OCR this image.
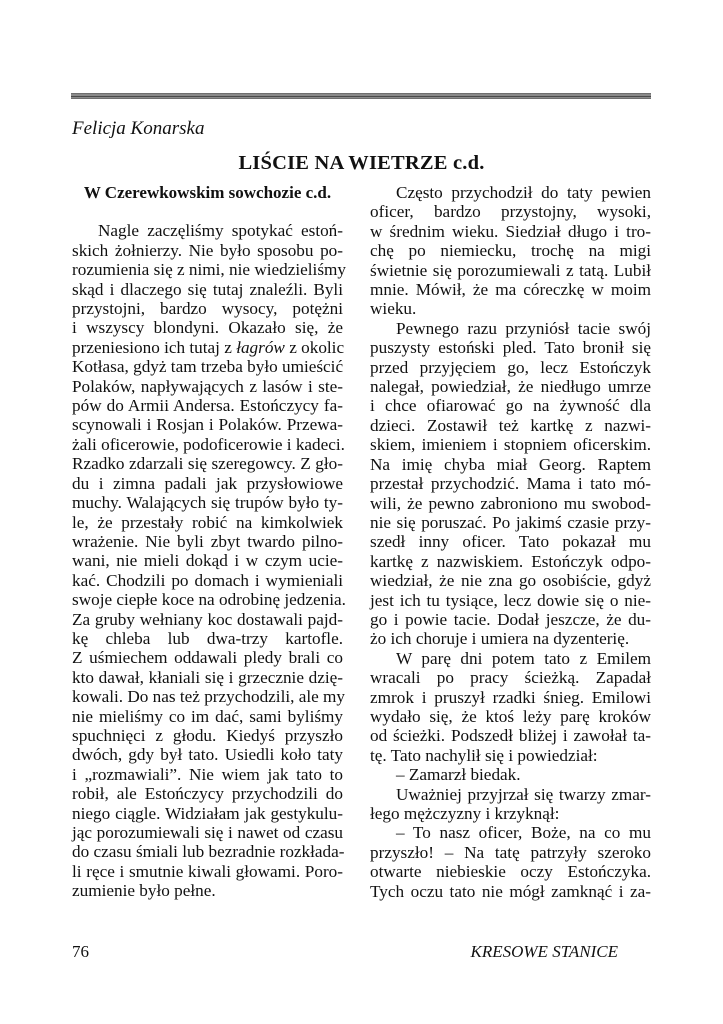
Felicja Konarska
LIŚCIE NA WIETRZE c.d.
W Czerewkowskim sowchozie c.d.
Nagle zaczęliśmy spotykać estoń-
skich żołnierzy. Nie było sposobu po-
rozumienia się z nimi, nie wiedzieliśmy
skąd i dlaczego się tutaj znaleźli. Byli
przystojni, bardzo wysocy, potężni
i wszyscy blondyni. Okazało się, że
przeniesiono ich tutaj z łagrów z okolic
Kotłasa, gdyż tam trzeba było umieścić
Polaków, napływających z lasów i ste-
pów do Armii Andersa. Estończycy fa-
scynowali i Rosjan i Polaków. Przewa-
żali oficerowie, podoficerowie i kadeci.
Rzadko zdarzali się szeregowcy. Z gło-
du i zimna padali jak przysłowiowe
muchy. Walających się trupów było ty-
le, że przestały robić na kimkolwiek
wrażenie. Nie byli zbyt twardo pilno-
wani, nie mieli dokąd i w czym ucie-
kać. Chodzili po domach i wymieniali
swoje ciepłe koce na odrobinę jedzenia.
Za gruby wełniany koc dostawali pajd-
kę chleba lub dwa-trzy kartofle.
Z uśmiechem oddawali pledy brali co
kto dawał, kłaniali się i grzecznie dzię-
kowali. Do nas też przychodzili, ale my
nie mieliśmy co im dać, sami byliśmy
spuchnięci z głodu. Kiedyś przyszło
dwóch, gdy był tato. Usiedli koło taty
i „rozmawiali”. Nie wiem jak tato to
robił, ale Estończycy przychodzili do
niego ciągle. Widziałam jak gestykulu-
jąc porozumiewali się i nawet od czasu
do czasu śmiali lub bezradnie rozkłada-
li ręce i smutnie kiwali głowami. Poro-
zumienie było pełne.
Często przychodził do taty pewien
oficer, bardzo przystojny, wysoki,
w średnim wieku. Siedział długo i tro-
chę po niemiecku, trochę na migi
świetnie się porozumiewali z tatą. Lubił
mnie. Mówił, że ma córeczkę w moim
wieku.
Pewnego razu przyniósł tacie swój
puszysty estoński pled. Tato bronił się
przed przyjęciem go, lecz Estończyk
nalegał, powiedział, że niedługo umrze
i chce ofiarować go na żywność dla
dzieci. Zostawił też kartkę z nazwi-
skiem, imieniem i stopniem oficerskim.
Na imię chyba miał Georg. Raptem
przestał przychodzić. Mama i tato mó-
wili, że pewno zabroniono mu swobod-
nie się poruszać. Po jakimś czasie przy-
szedł inny oficer. Tato pokazał mu
kartkę z nazwiskiem. Estończyk odpo-
wiedział, że nie zna go osobiście, gdyż
jest ich tu tysiące, lecz dowie się o nie-
go i powie tacie. Dodał jeszcze, że du-
żo ich choruje i umiera na dyzenterię.
W parę dni potem tato z Emilem
wracali po pracy ścieżką. Zapadał
zmrok i pruszył rzadki śnieg. Emilowi
wydało się, że ktoś leży parę kroków
od ścieżki. Podszedł bliżej i zawołał ta-
tę. Tato nachylił się i powiedział:
– Zamarzł biedak.
Uważniej przyjrzał się twarzy zmar-
łego mężczyzny i krzyknął:
– To nasz oficer, Boże, na co mu
przyszło! – Na tatę patrzyły szeroko
otwarte niebieskie oczy Estończyka.
Tych oczu tato nie mógł zamknąć i za-
76	KRESOWE STANICE
